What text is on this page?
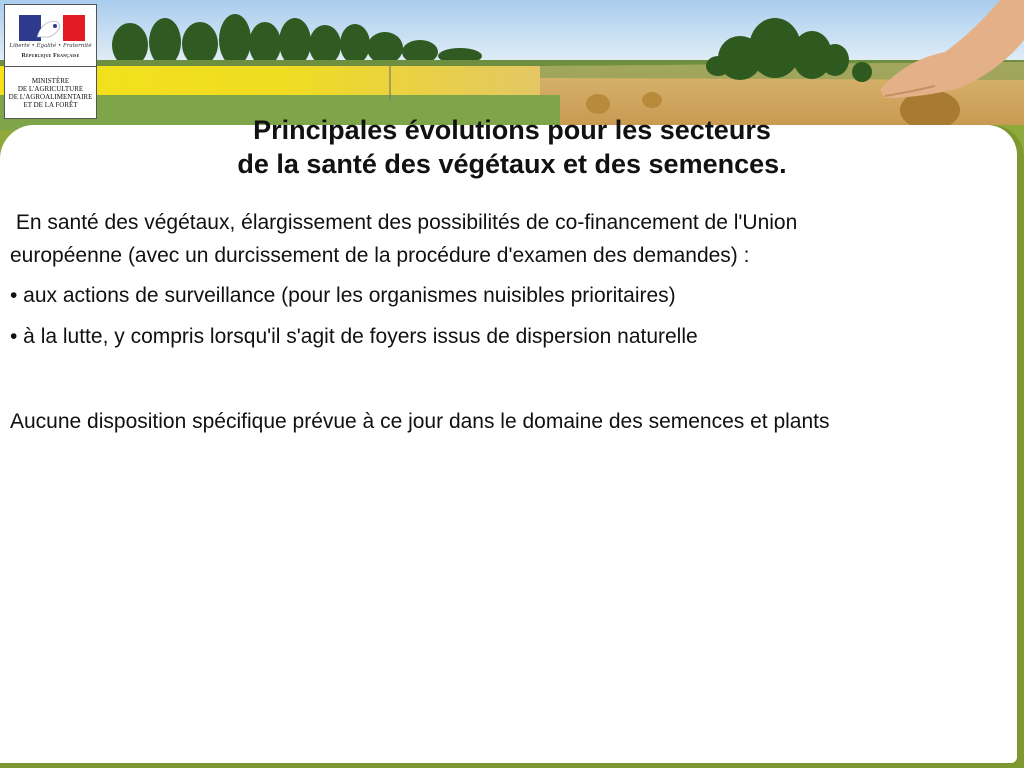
Liberté • Égalité • Fraternité
République Française
MINISTÈRE
DE L'AGRICULTURE
DE L'AGROALIMENTAIRE
ET DE LA FORÊT
Principales évolutions pour les secteurs
de la santé des végétaux et des semences.

En santé des végétaux, élargissement des possibilités de co-financement de l'Union
européenne (avec un durcissement de la procédure d'examen des demandes) :

• aux actions de surveillance (pour les organismes nuisibles prioritaires)

• à la lutte, y compris lorsqu'il s'agit de foyers issus de dispersion naturelle

Aucune disposition spécifique prévue à ce jour dans le domaine des semences et plants
